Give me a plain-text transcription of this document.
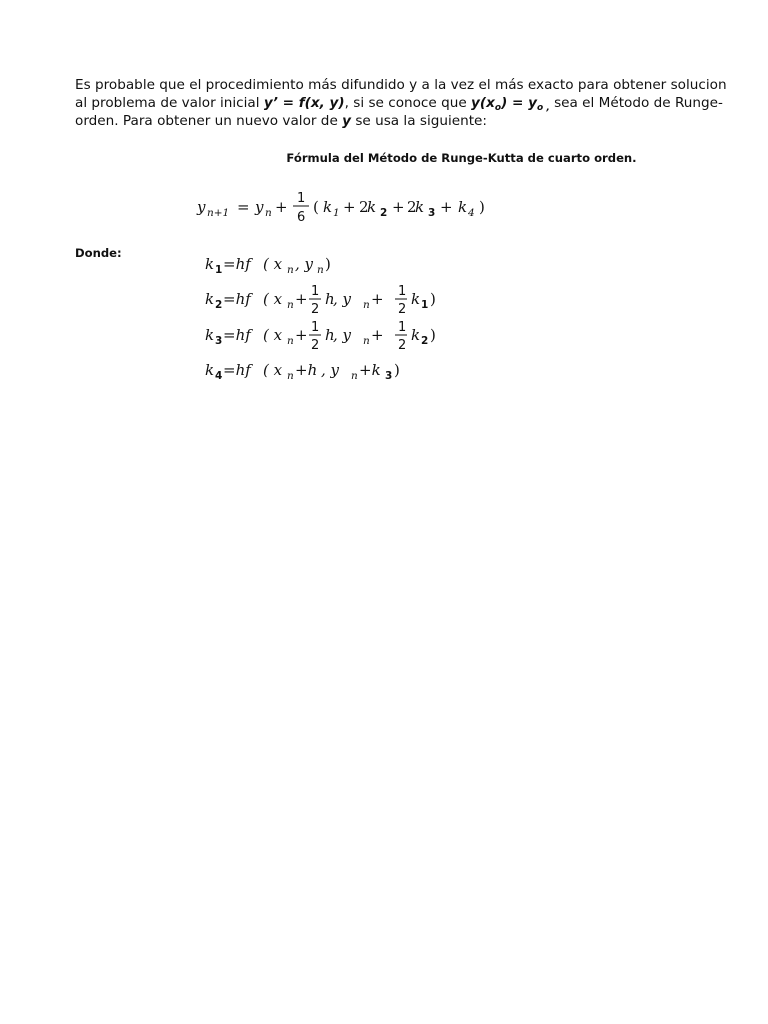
Es probable que el procedimiento más difundido y a la vez el más exacto para obtener solucion
al problema de valor inicial y’ = f(x, y), si se conoce que $y(x_o) = y_{o ,}$ sea el Método de Runge-
orden. Para obtener un nuevo valor de y se usa la siguiente:
Fórmula del Método de Runge-Kutta de cuarto orden.
y n+1 = y n + 1
6
( k 1 + 2
k 2 + 2
k 3 + k 4 )
Donde:
k 1 =hf ( x n , y n )
k 2 =hf ( x n + 1
2
h
, y n + 1
2
k 1 )
k 3 =hf ( x n + 1
2
h
, y n + 1
2
k 2 )
k 4 =hf ( x n +h , y n +k 3 )
